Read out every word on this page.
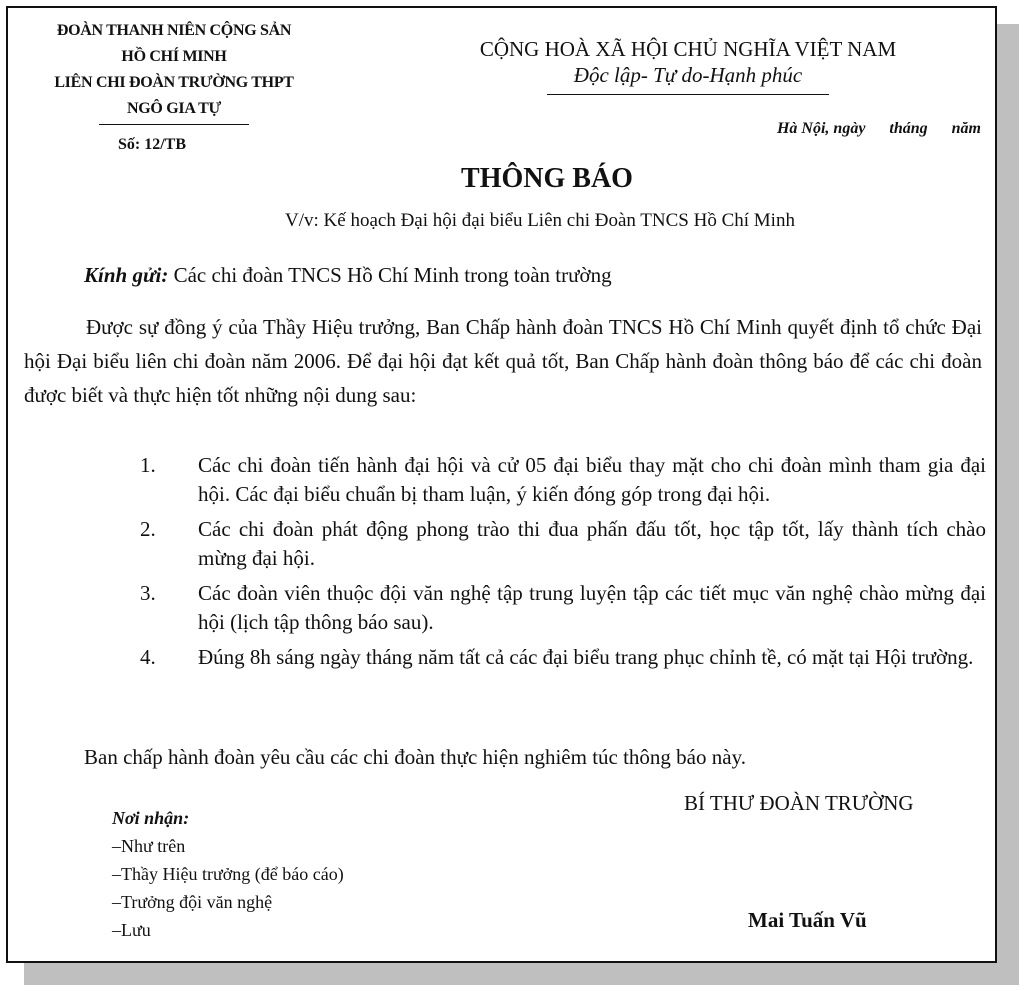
ĐOÀN THANH NIÊN CỘNG SẢN
HỒ CHÍ MINH
LIÊN CHI ĐOÀN TRƯỜNG THPT
NGÔ GIA TỰ
Số: 12/TB
CỘNG HOÀ XÃ HỘI CHỦ NGHĨA VIỆT NAM
Độc lập- Tự do-Hạnh phúc
Hà Nội, ngày      tháng      năm
THÔNG BÁO
V/v: Kế hoạch Đại hội đại biểu Liên chi Đoàn TNCS Hồ Chí Minh
Kính gửi: Các chi đoàn TNCS Hồ Chí Minh trong toàn trường
Được sự đồng ý của Thầy Hiệu trưởng, Ban Chấp hành đoàn TNCS Hồ Chí Minh quyết định tổ chức Đại hội Đại biểu liên chi đoàn năm 2006. Để đại hội đạt kết quả tốt, Ban Chấp hành đoàn thông báo để các chi đoàn được biết và thực hiện tốt những nội dung sau:
1. Các chi đoàn tiến hành đại hội và cử 05 đại biểu thay mặt cho chi đoàn mình tham gia đại hội. Các đại biểu chuẩn bị tham luận, ý kiến đóng góp trong đại hội.
2. Các chi đoàn phát động phong trào thi đua phấn đấu tốt, học tập tốt, lấy thành tích chào mừng đại hội.
3. Các đoàn viên thuộc đội văn nghệ tập trung luyện tập các tiết mục văn nghệ chào mừng đại hội (lịch tập thông báo sau).
4. Đúng 8h sáng ngày tháng năm tất cả các đại biểu trang phục chỉnh tề, có mặt tại Hội trường.
Ban chấp hành đoàn yêu cầu các chi đoàn thực hiện nghiêm túc thông báo này.
Nơi nhận:
– Như trên
– Thầy Hiệu trưởng (để báo cáo)
– Trưởng đội văn nghệ
– Lưu
BÍ THƯ ĐOÀN TRƯỜNG
Mai Tuấn Vũ
